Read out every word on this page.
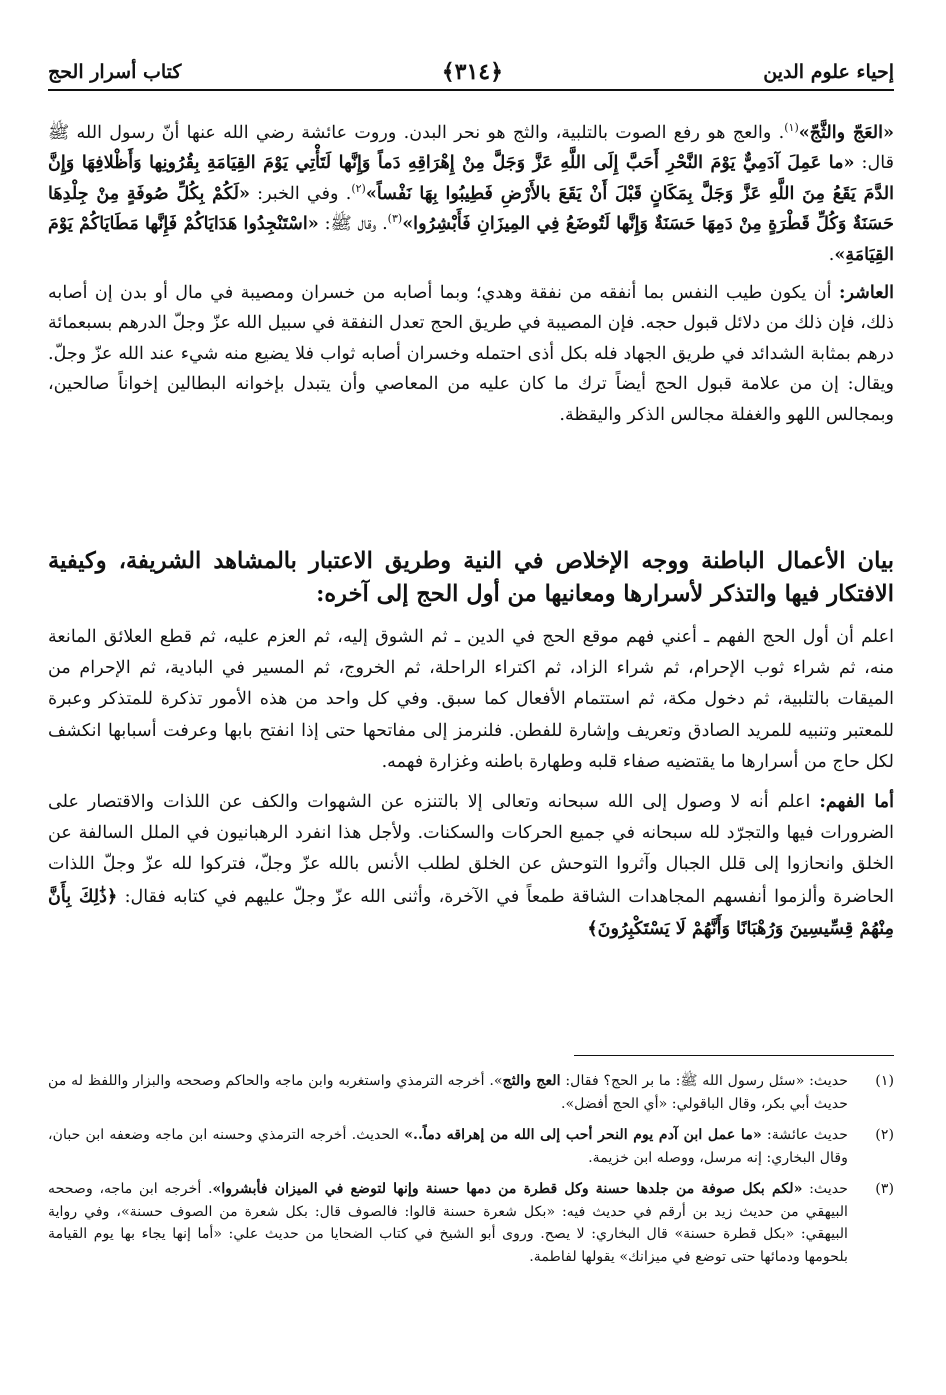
إحياء علوم الدين
﴿٣١٤﴾
كتاب أسرار الحج

«العَجّ والثَّجّ»$^{(١)}$. والعج هو رفع الصوت بالتلبية، والثج هو نحر البدن. وروت عائشة رضي الله عنها أنّ رسول الله ﷺ قال: «ما عَمِلَ آدَمِيٌّ يَوْمَ النَّحْرِ أَحَبَّ إِلَى اللَّهِ عَزَّ وَجَلَّ مِنْ إِهْرَاقِهِ دَماً وَإِنَّها لَتَأْتِي يَوْمَ القِيَامَةِ بِقُرُونِها وَأَظْلافِهَا وَإِنَّ الدَّمَ يَقَعُ مِنَ اللَّهِ عَزَّ وَجَلَّ بِمَكَانٍ قَبْلَ أَنْ يَقَعَ بالأَرْضِ فَطِيبُوا بِهَا نَفْساً»$^{(٢)}$. وفي الخبر: «لَكُمْ بِكُلِّ صُوفَةٍ مِنْ جِلْدِهَا حَسَنَةٌ وَكُلِّ قَطْرَةٍ مِنْ دَمِهَا حَسَنَةٌ وَإِنَّها لَتُوضَعُ فِي المِيزَانِ فَأَبْشِرُوا»$^{(٣)}$. وقال ﷺ: «اسْتَنْجِدُوا هَدَايَاكُمْ فَإِنَّها مَطَايَاكُمْ يَوْمَ القِيَامَةِ».

العاشر: أن يكون طيب النفس بما أنفقه من نفقة وهدي؛ وبما أصابه من خسران ومصيبة في مال أو بدن إن أصابه ذلك، فإن ذلك من دلائل قبول حجه. فإن المصيبة في طريق الحج تعدل النفقة في سبيل الله عزّ وجلّ الدرهم بسبعمائة درهم بمثابة الشدائد في طريق الجهاد فله بكل أذى احتمله وخسران أصابه ثواب فلا يضيع منه شيء عند الله عزّ وجلّ. ويقال: إن من علامة قبول الحج أيضاً ترك ما كان عليه من المعاصي وأن يتبدل بإخوانه البطالين إخواناً صالحين، وبمجالس اللهو والغفلة مجالس الذكر واليقظة.

بيان الأعمال الباطنة ووجه الإخلاص في النية وطريق الاعتبار بالمشاهد الشريفة، وكيفية الافتكار فيها والتذكر لأسرارها ومعانيها من أول الحج إلى آخره:

اعلم أن أول الحج الفهم ـ أعني فهم موقع الحج في الدين ـ ثم الشوق إليه، ثم العزم عليه، ثم قطع العلائق المانعة منه، ثم شراء ثوب الإحرام، ثم شراء الزاد، ثم اكتراء الراحلة، ثم الخروج، ثم المسير في البادية، ثم الإحرام من الميقات بالتلبية، ثم دخول مكة، ثم استتمام الأفعال كما سبق. وفي كل واحد من هذه الأمور تذكرة للمتذكر وعبرة للمعتبر وتنبيه للمريد الصادق وتعريف وإشارة للفطن. فلنرمز إلى مفاتحها حتى إذا انفتح بابها وعرفت أسبابها انكشف لكل حاج من أسرارها ما يقتضيه صفاء قلبه وطهارة باطنه وغزارة فهمه.

أما الفهم: اعلم أنه لا وصول إلى الله سبحانه وتعالى إلا بالتنزه عن الشهوات والكف عن اللذات والاقتصار على الضرورات فيها والتجرّد لله سبحانه في جميع الحركات والسكنات. ولأجل هذا انفرد الرهبانيون في الملل السالفة عن الخلق وانحازوا إلى قلل الجبال وآثروا التوحش عن الخلق لطلب الأنس بالله عزّ وجلّ، فتركوا لله عزّ وجلّ اللذات الحاضرة وألزموا أنفسهم المجاهدات الشاقة طمعاً في الآخرة، وأثنى الله عزّ وجلّ عليهم في كتابه فقال: ﴿ذَٰلِكَ بِأَنَّ مِنْهُمْ قِسِّيسِينَ وَرُهْبَانًا وَأَنَّهُمْ لَا يَسْتَكْبِرُونَ﴾

(١)
حديث: «سئل رسول الله ﷺ: ما بر الحج؟ فقال: العج والثج». أخرجه الترمذي واستغربه وابن ماجه والحاكم وصححه والبزار واللفظ له من حديث أبي بكر، وقال الباقولي: «أي الحج أفضل».
(٢)
حديث عائشة: «ما عمل ابن آدم يوم النحر أحب إلى الله من إهراقه دماً..» الحديث. أخرجه الترمذي وحسنه ابن ماجه وضعفه ابن حبان، وقال البخاري: إنه مرسل، ووصله ابن خزيمة.
(٣)
حديث: «لكم بكل صوفة من جلدها حسنة وكل قطرة من دمها حسنة وإنها لتوضع في الميزان فأبشروا». أخرجه ابن ماجه، وصححه البيهقي من حديث زيد بن أرقم في حديث فيه: «بكل شعرة حسنة قالوا: فالصوف قال: بكل شعرة من الصوف حسنة»، وفي رواية البيهقي: «بكل قطرة حسنة» قال البخاري: لا يصح. وروى أبو الشيخ في كتاب الضحايا من حديث علي: «أما إنها يجاء بها يوم القيامة بلحومها ودمائها حتى توضع في ميزانك» يقولها لفاطمة.
